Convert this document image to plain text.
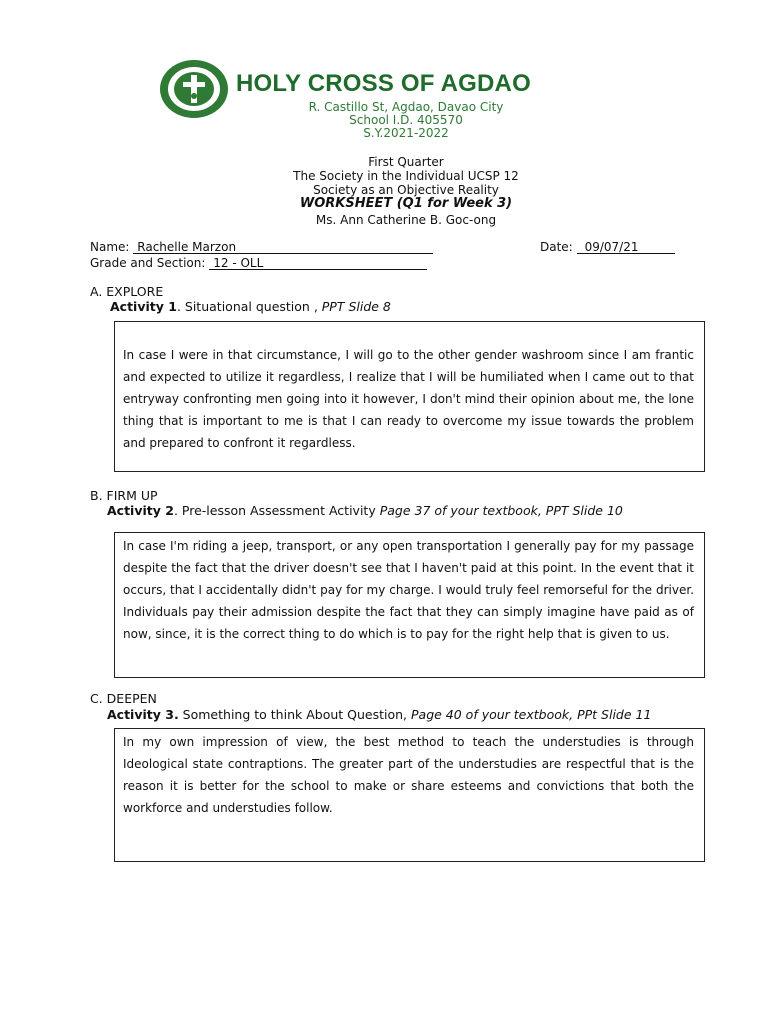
HOLY CROSS OF AGDAO
R. Castillo St, Agdao, Davao City
School I.D. 405570
S.Y.2021-2022
First Quarter
The Society in the Individual UCSP 12
Society as an Objective Reality
WORKSHEET (Q1 for Week 3)
Ms. Ann Catherine B. Goc-ong
Name: Rachelle Marzon	Date: 09/07/21
Grade and Section: 12 - OLL
A. EXPLORE
Activity 1. Situational question , PPT Slide 8

In case I were in that circumstance, I will go to the other gender washroom since I am frantic and expected to utilize it regardless, I realize that I will be humiliated when I came out to that entryway confronting men going into it however, I don't mind their opinion about me, the lone thing that is important to me is that I can ready to overcome my issue towards the problem and prepared to confront it regardless.

B. FIRM UP
Activity 2. Pre-lesson Assessment Activity Page 37 of your textbook, PPT Slide 10

In case I'm riding a jeep, transport, or any open transportation I generally pay for my passage despite the fact that the driver doesn't see that I haven't paid at this point. In the event that it occurs, that I accidentally didn't pay for my charge. I would truly feel remorseful for the driver. Individuals pay their admission despite the fact that they can simply imagine have paid as of now, since, it is the correct thing to do which is to pay for the right help that is given to us.

C. DEEPEN
Activity 3. Something to think About Question, Page 40 of your textbook, PPt Slide 11

In my own impression of view, the best method to teach the understudies is through Ideological state contraptions. The greater part of the understudies are respectful that is the reason it is better for the school to make or share esteems and convictions that both the workforce and understudies follow.
